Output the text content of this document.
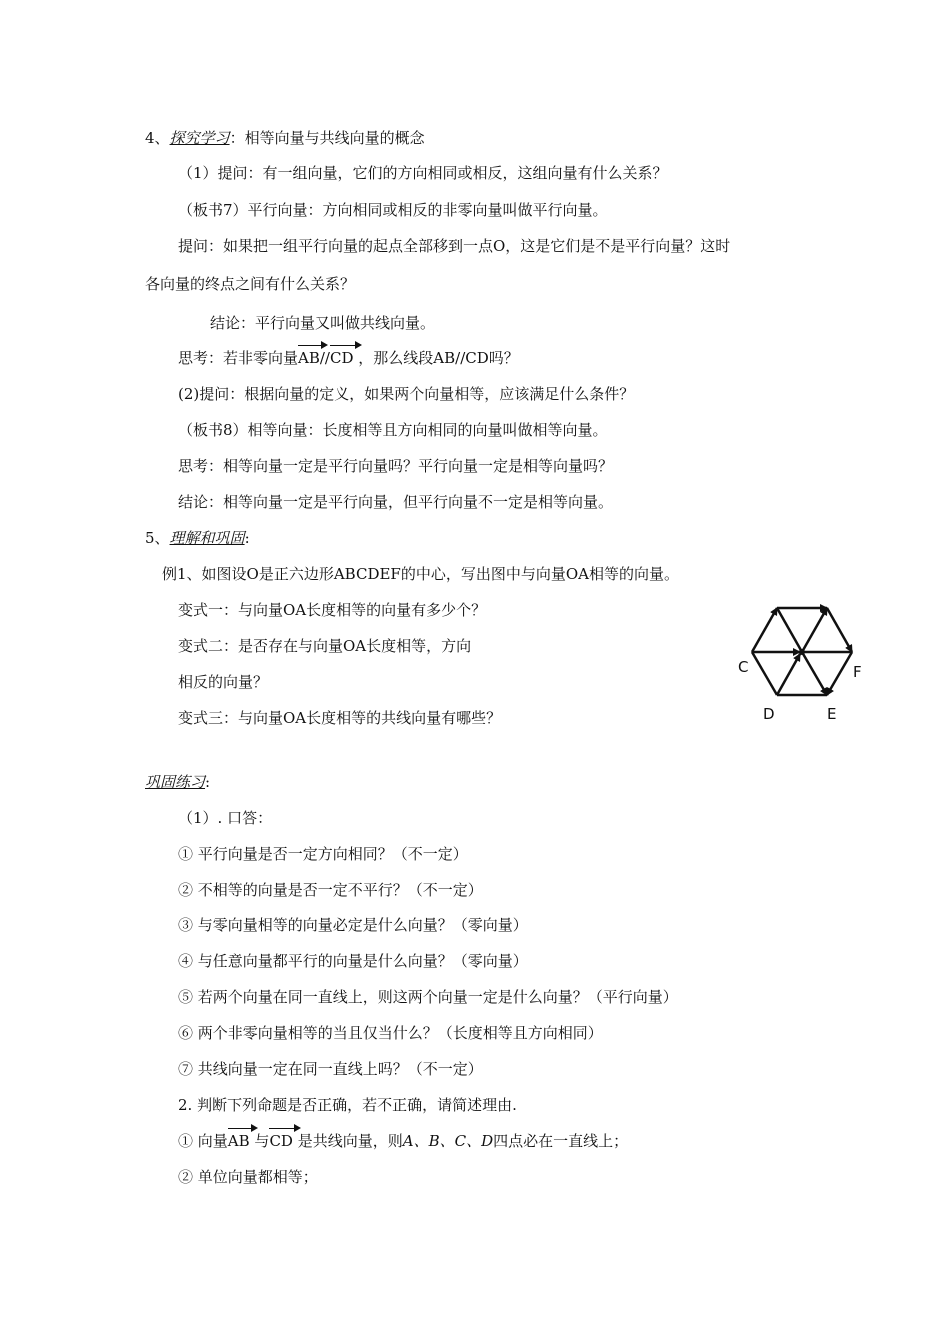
4、探究学习：相等向量与共线向量的概念
（1）提问：有一组向量，它们的方向相同或相反，这组向量有什么关系？
（板书7）平行向量：方向相同或相反的非零向量叫做平行向量。
提问：如果把一组平行向量的起点全部移到一点O，这是它们是不是平行向量？这时
各向量的终点之间有什么关系？
结论：平行向量又叫做共线向量。
思考：若非零向量AB//CD ，那么线段AB//CD吗？
(2)提问：根据向量的定义，如果两个向量相等，应该满足什么条件？
（板书8）相等向量：长度相等且方向相同的向量叫做相等向量。
思考：相等向量一定是平行向量吗？平行向量一定是相等向量吗？
结论：相等向量一定是平行向量，但平行向量不一定是相等向量。
5、理解和巩固:
例1、如图设O是正六边形ABCDEF的中心，写出图中与向量OA相等的向量。
变式一：与向量OA长度相等的向量有多少个？
变式二：是否存在与向量OA长度相等，方向
相反的向量？
变式三：与向量OA长度相等的共线向量有哪些？
C	F
D	E
巩固练习:
（1）. 口答：
① 平行向量是否一定方向相同？（不一定）
② 不相等的向量是否一定不平行？（不一定）
③ 与零向量相等的向量必定是什么向量？（零向量）
④ 与任意向量都平行的向量是什么向量？（零向量）
⑤ 若两个向量在同一直线上，则这两个向量一定是什么向量？（平行向量）
⑥ 两个非零向量相等的当且仅当什么？（长度相等且方向相同）
⑦ 共线向量一定在同一直线上吗？（不一定）
2. 判断下列命题是否正确，若不正确，请简述理由.
① 向量AB 与CD 是共线向量，则A、B、C、D四点必在一直线上；
② 单位向量都相等；
